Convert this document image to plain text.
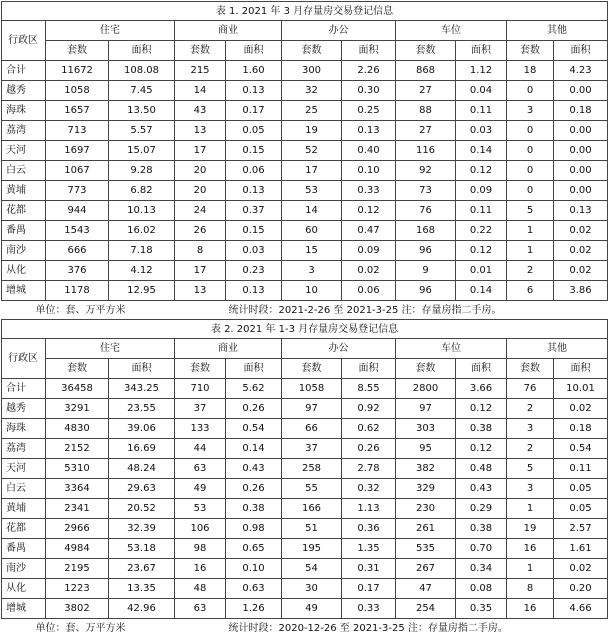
表 1. 2021 年 3 月存量房交易登记信息										
行政区	住宅		商业		办公		车位		其他	
	套数	面积	套数	面积	套数	面积	套数	面积	套数	面积
合计	11672	108.08	215	1.60	300	2.26	868	1.12	18	4.23
越秀	1058	7.45	14	0.13	32	0.30	27	0.04	0	0.00
海珠	1657	13.50	43	0.17	25	0.25	88	0.11	3	0.18
荔湾	713	5.57	13	0.05	19	0.13	27	0.03	0	0.00
天河	1697	15.07	17	0.15	52	0.40	116	0.14	0	0.00
白云	1067	9.28	20	0.06	17	0.10	92	0.12	0	0.00
黄埔	773	6.82	20	0.13	53	0.33	73	0.09	0	0.00
花都	944	10.13	24	0.37	14	0.12	76	0.11	5	0.13
番禺	1543	16.02	26	0.15	60	0.47	168	0.22	1	0.02
南沙	666	7.18	8	0.03	15	0.09	96	0.12	1	0.02
从化	376	4.12	17	0.23	3	0.02	9	0.01	2	0.02
增城	1178	12.95	13	0.13	10	0.06	96	0.14	6	3.86
单位：套、万平方米				统计时段：2021-2-26 至 2021-3-25 注：存量房指二手房。						
表 2. 2021 年 1-3 月存量房交易登记信息										
行政区	住宅		商业		办公		车位		其他	
	套数	面积	套数	面积	套数	面积	套数	面积	套数	面积
合计	36458	343.25	710	5.62	1058	8.55	2800	3.66	76	10.01
越秀	3291	23.55	37	0.26	97	0.92	97	0.12	2	0.02
海珠	4830	39.06	133	0.54	66	0.62	303	0.38	3	0.18
荔湾	2152	16.69	44	0.14	37	0.26	95	0.12	2	0.54
天河	5310	48.24	63	0.43	258	2.78	382	0.48	5	0.11
白云	3364	29.63	49	0.26	55	0.32	329	0.43	3	0.05
黄埔	2341	20.52	53	0.38	166	1.13	230	0.29	1	0.05
花都	2966	32.39	106	0.98	51	0.36	261	0.38	19	2.57
番禺	4984	53.18	98	0.65	195	1.35	535	0.70	16	1.61
南沙	2195	23.67	16	0.10	54	0.31	267	0.34	1	0.02
从化	1223	13.35	48	0.63	30	0.17	47	0.08	8	0.20
增城	3802	42.96	63	1.26	49	0.33	254	0.35	16	4.66
单位：套、万平方米				统计时段：2020-12-26 至 2021-3-25 注：存量房指二手房。						
